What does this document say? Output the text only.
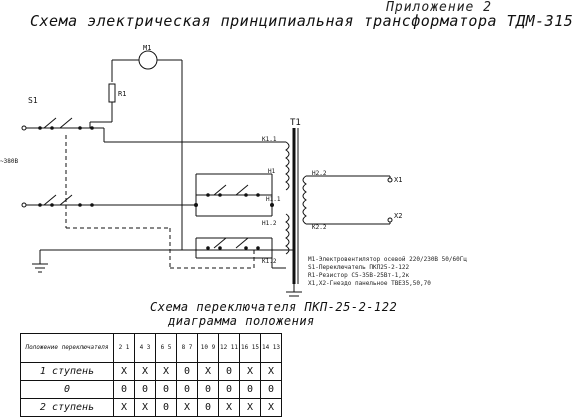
Приложение 2
Схема электрическая принципиальная трансформатора ТДМ-315
M1
R1
S1
T1
~380В
X1
X2
K1.1
K1.2
H1.1
H1.2
H1	H2.2
K2.2
M1-Электровентилятор осевой 220/230В 50/60Гц
S1-Переключатель ПКП25-2-122
R1-Резистор С5-35В-25Вт-1,2к
X1,X2-Гнездо панельное ТВЕ35,50,70
Схема переключателя ПКП-25-2-122
диаграмма положения
Положение переключателя	2 1	4 3	6 5	8 7	10 9	12 11	16 15	14 13
1 ступень	X	X	X	0	X	0	X	X
0	0	0	0	0	0	0	0	0
2 ступень	X	X	0	X	0	X	X	X
